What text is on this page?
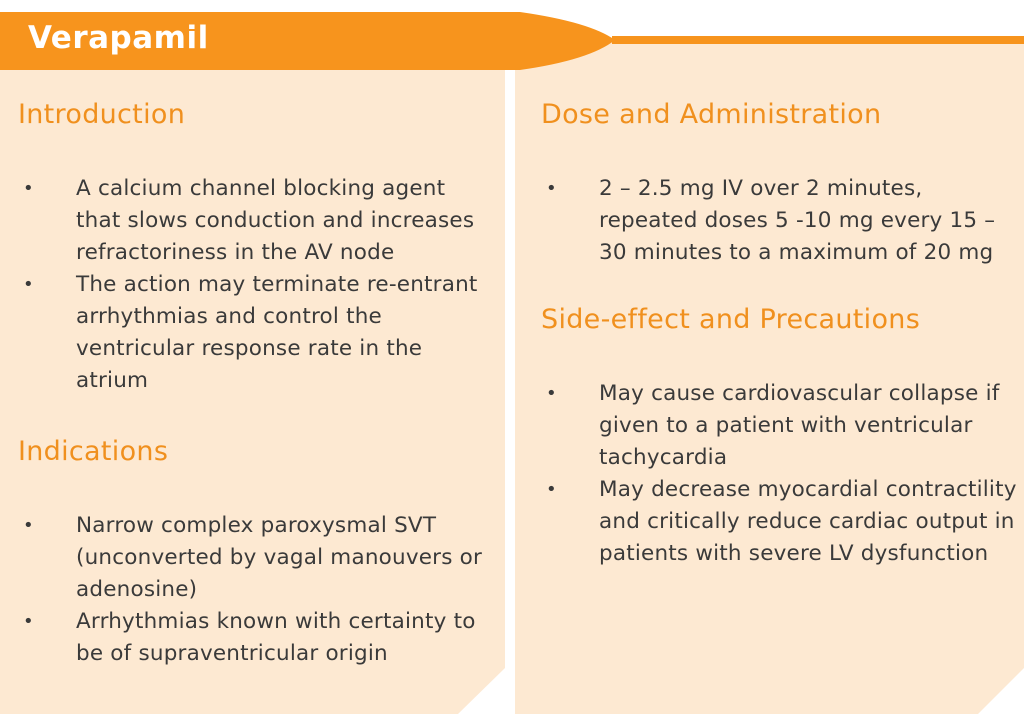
Verapamil
Introduction
• A calcium channel blocking agent that slows conduction and increases refractoriness in the AV node
• The action may terminate re-entrant arrhythmias and control the ventricular response rate in the atrium
Indications
• Narrow complex paroxysmal SVT (unconverted by vagal manouvers or adenosine)
• Arrhythmias known with certainty to be of supraventricular origin
Dose and Administration
• 2 – 2.5 mg IV over 2 minutes, repeated doses 5 -10 mg every 15 – 30 minutes to a maximum of 20 mg
Side-effect and Precautions
• May cause cardiovascular collapse if given to a patient with ventricular tachycardia
• May decrease myocardial contractility and critically reduce cardiac output in patients with severe LV dysfunction
